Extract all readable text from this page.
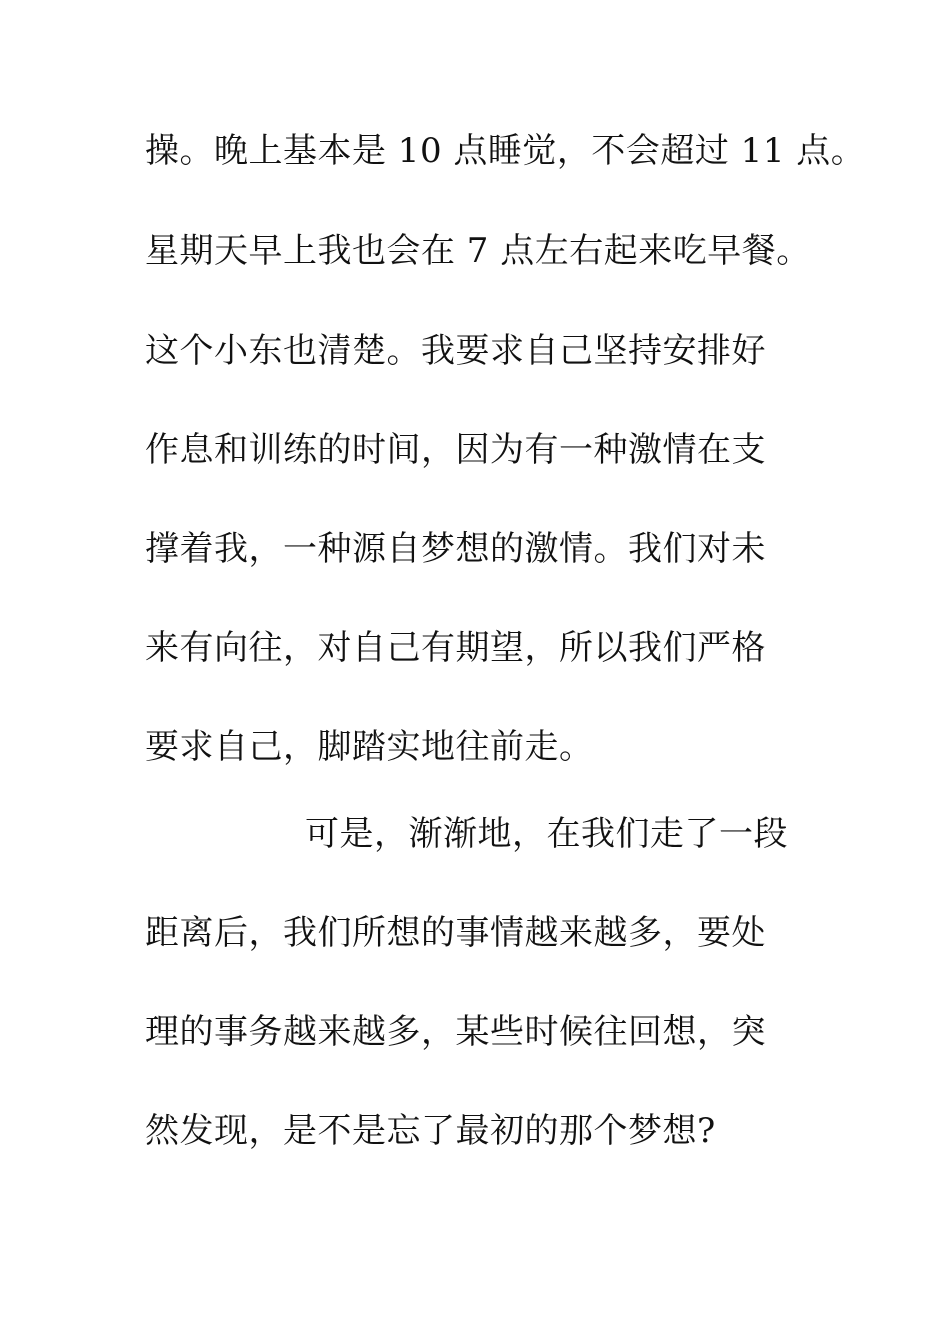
操。晚上基本是 10 点睡觉，不会超过 11 点。
星期天早上我也会在 7 点左右起来吃早餐。
这个小东也清楚。我要求自己坚持安排好
作息和训练的时间，因为有一种激情在支
撑着我，一种源自梦想的激情。我们对未
来有向往，对自己有期望，所以我们严格
要求自己，脚踏实地往前走。
可是，渐渐地，在我们走了一段
距离后，我们所想的事情越来越多，要处
理的事务越来越多，某些时候往回想，突
然发现，是不是忘了最初的那个梦想?
